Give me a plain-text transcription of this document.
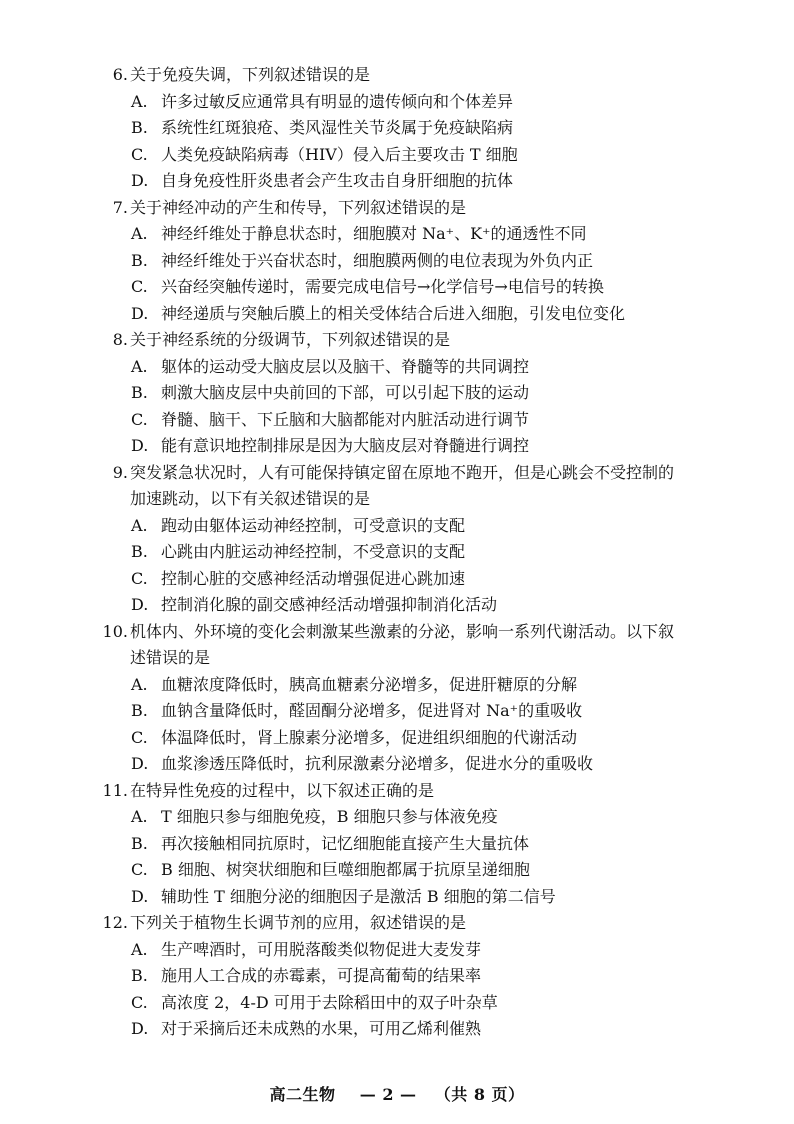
6. 关于免疫失调，下列叙述错误的是
A. 许多过敏反应通常具有明显的遗传倾向和个体差异
B. 系统性红斑狼疮、类风湿性关节炎属于免疫缺陷病
C. 人类免疫缺陷病毒（HIV）侵入后主要攻击 T 细胞
D. 自身免疫性肝炎患者会产生攻击自身肝细胞的抗体
7. 关于神经冲动的产生和传导，下列叙述错误的是
A. 神经纤维处于静息状态时，细胞膜对 Na⁺、K⁺的通透性不同
B. 神经纤维处于兴奋状态时，细胞膜两侧的电位表现为外负内正
C. 兴奋经突触传递时，需要完成电信号→化学信号→电信号的转换
D. 神经递质与突触后膜上的相关受体结合后进入细胞，引发电位变化
8. 关于神经系统的分级调节，下列叙述错误的是
A. 躯体的运动受大脑皮层以及脑干、脊髓等的共同调控
B. 刺激大脑皮层中央前回的下部，可以引起下肢的运动
C. 脊髓、脑干、下丘脑和大脑都能对内脏活动进行调节
D. 能有意识地控制排尿是因为大脑皮层对脊髓进行调控
9. 突发紧急状况时，人有可能保持镇定留在原地不跑开，但是心跳会不受控制的
加速跳动，以下有关叙述错误的是
A. 跑动由躯体运动神经控制，可受意识的支配
B. 心跳由内脏运动神经控制，不受意识的支配
C. 控制心脏的交感神经活动增强促进心跳加速
D. 控制消化腺的副交感神经活动增强抑制消化活动
10. 机体内、外环境的变化会刺激某些激素的分泌，影响一系列代谢活动。以下叙
述错误的是
A. 血糖浓度降低时，胰高血糖素分泌增多，促进肝糖原的分解
B. 血钠含量降低时，醛固酮分泌增多，促进肾对 Na⁺的重吸收
C. 体温降低时，肾上腺素分泌增多，促进组织细胞的代谢活动
D. 血浆渗透压降低时，抗利尿激素分泌增多，促进水分的重吸收
11. 在特异性免疫的过程中，以下叙述正确的是
A. T 细胞只参与细胞免疫，B 细胞只参与体液免疫
B. 再次接触相同抗原时，记忆细胞能直接产生大量抗体
C. B 细胞、树突状细胞和巨噬细胞都属于抗原呈递细胞
D. 辅助性 T 细胞分泌的细胞因子是激活 B 细胞的第二信号
12. 下列关于植物生长调节剂的应用，叙述错误的是
A. 生产啤酒时，可用脱落酸类似物促进大麦发芽
B. 施用人工合成的赤霉素，可提高葡萄的结果率
C. 高浓度 2，4-D 可用于去除稻田中的双子叶杂草
D. 对于采摘后还未成熟的水果，可用乙烯利催熟
高二生物 — 2 — （共 8 页）
